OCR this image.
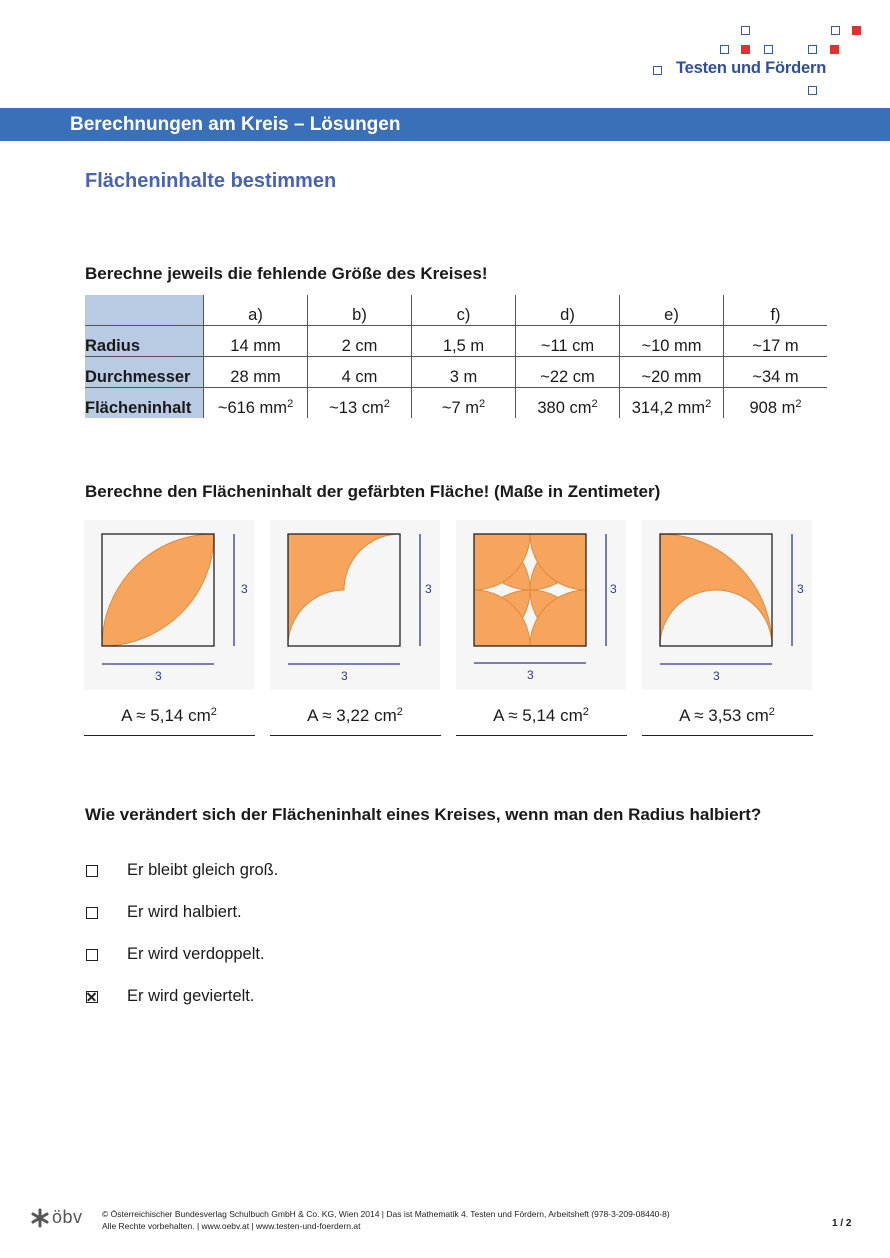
Testen und Fördern
Berechnungen am Kreis – Lösungen
Flächeninhalte bestimmen
Berechne jeweils die fehlende Größe des Kreises!
	a)	b)	c)	d)	e)	f)
Radius	14 mm	2 cm	1,5 m	~11 cm	~10 mm	~17 m
Durchmesser	28 mm	4 cm	3 m	~22 cm	~20 mm	~34 m
Flächeninhalt	~616 $mm^2$	~13 $cm^2$	~7 $m^2$	380 $cm^2$	314,2 $mm^2$	908 $m^2$
Berechne den Flächeninhalt der gefärbten Fläche! (Maße in Zentimeter)
3
3
3
3
3
3
3
3
A ≈ 5,14 $cm^2$	A ≈ 3,22 $cm^2$	A ≈ 5,14 $cm^2$	A ≈ 3,53 $cm^2$
Wie verändert sich der Flächeninhalt eines Kreises, wenn man den Radius halbiert?
Er bleibt gleich groß.
Er wird halbiert.
Er wird verdoppelt.
Er wird geviertelt.
öbv © Österreichischer Bundesverlag Schulbuch GmbH & Co. KG, Wien 2014 | Das ist Mathematik 4. Testen und Fördern, Arbeitsheft (978-3-209-08440-8)
Alle Rechte vorbehalten. | www.oebv.at | www.testen-und-foerdern.at	1 / 2
